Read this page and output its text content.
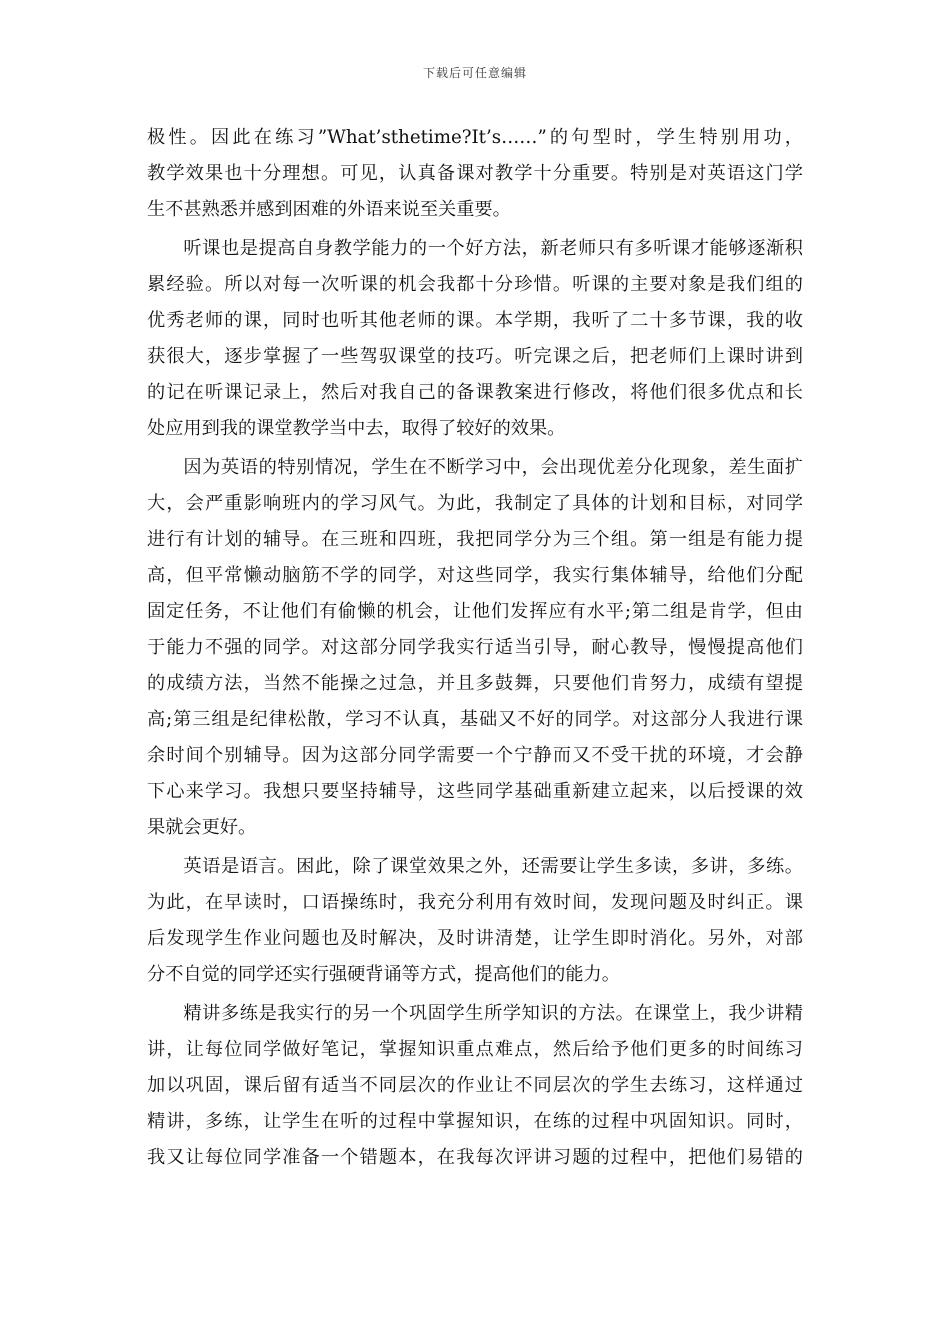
下载后可任意编辑
极性。因此在练习”What’sthetime?It’s……”的句型时，学生特别用功，
教学效果也十分理想。可见，认真备课对教学十分重要。特别是对英语这门学
生不甚熟悉并感到困难的外语来说至关重要。
听课也是提高自身教学能力的一个好方法，新老师只有多听课才能够逐渐积
累经验。所以对每一次听课的机会我都十分珍惜。听课的主要对象是我们组的
优秀老师的课，同时也听其他老师的课。本学期，我听了二十多节课，我的收
获很大，逐步掌握了一些驾驭课堂的技巧。听完课之后，把老师们上课时讲到
的记在听课记录上，然后对我自己的备课教案进行修改，将他们很多优点和长
处应用到我的课堂教学当中去，取得了较好的效果。
因为英语的特别情况，学生在不断学习中，会出现优差分化现象，差生面扩
大，会严重影响班内的学习风气。为此，我制定了具体的计划和目标，对同学
进行有计划的辅导。在三班和四班，我把同学分为三个组。第一组是有能力提
高，但平常懒动脑筋不学的同学，对这些同学，我实行集体辅导，给他们分配
固定任务，不让他们有偷懒的机会，让他们发挥应有水平;第二组是肯学，但由
于能力不强的同学。对这部分同学我实行适当引导，耐心教导，慢慢提高他们
的成绩方法，当然不能操之过急，并且多鼓舞，只要他们肯努力，成绩有望提
高;第三组是纪律松散，学习不认真，基础又不好的同学。对这部分人我进行课
余时间个别辅导。因为这部分同学需要一个宁静而又不受干扰的环境，才会静
下心来学习。我想只要坚持辅导，这些同学基础重新建立起来，以后授课的效
果就会更好。
英语是语言。困此，除了课堂效果之外，还需要让学生多读，多讲，多练。
为此，在早读时，口语操练时，我充分利用有效时间，发现问题及时纠正。课
后发现学生作业问题也及时解决，及时讲清楚，让学生即时消化。另外，对部
分不自觉的同学还实行强硬背诵等方式，提高他们的能力。
精讲多练是我实行的另一个巩固学生所学知识的方法。在课堂上，我少讲精
讲，让每位同学做好笔记，掌握知识重点难点，然后给予他们更多的时间练习
加以巩固，课后留有适当不同层次的作业让不同层次的学生去练习，这样通过
精讲，多练，让学生在听的过程中掌握知识，在练的过程中巩固知识。同时，
我又让每位同学准备一个错题本，在我每次评讲习题的过程中，把他们易错的
